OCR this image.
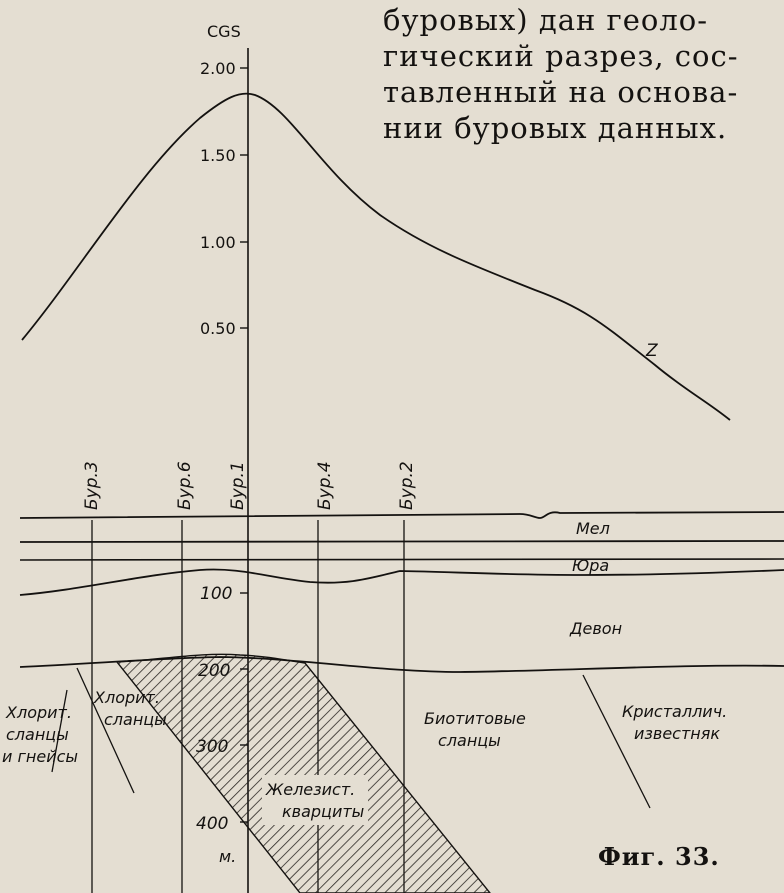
буровых) дан геоло-
гический разрез, сос-
тавленный на основа-
нии буровых данных.
CGS
2.00
1.50
1.00
0.50
Z
Бур.3	Бур.6 Бур.1	Бур.4	Бур.2
100
200
300
400
м.
Мел
Юра
Девон
Хлорит.
сланцы
и гнейсы
Хлорит.
сланцы
Железист.
кварциты
Биотитовые
сланцы
Кристаллич.
известняк
Фиг. 33.
